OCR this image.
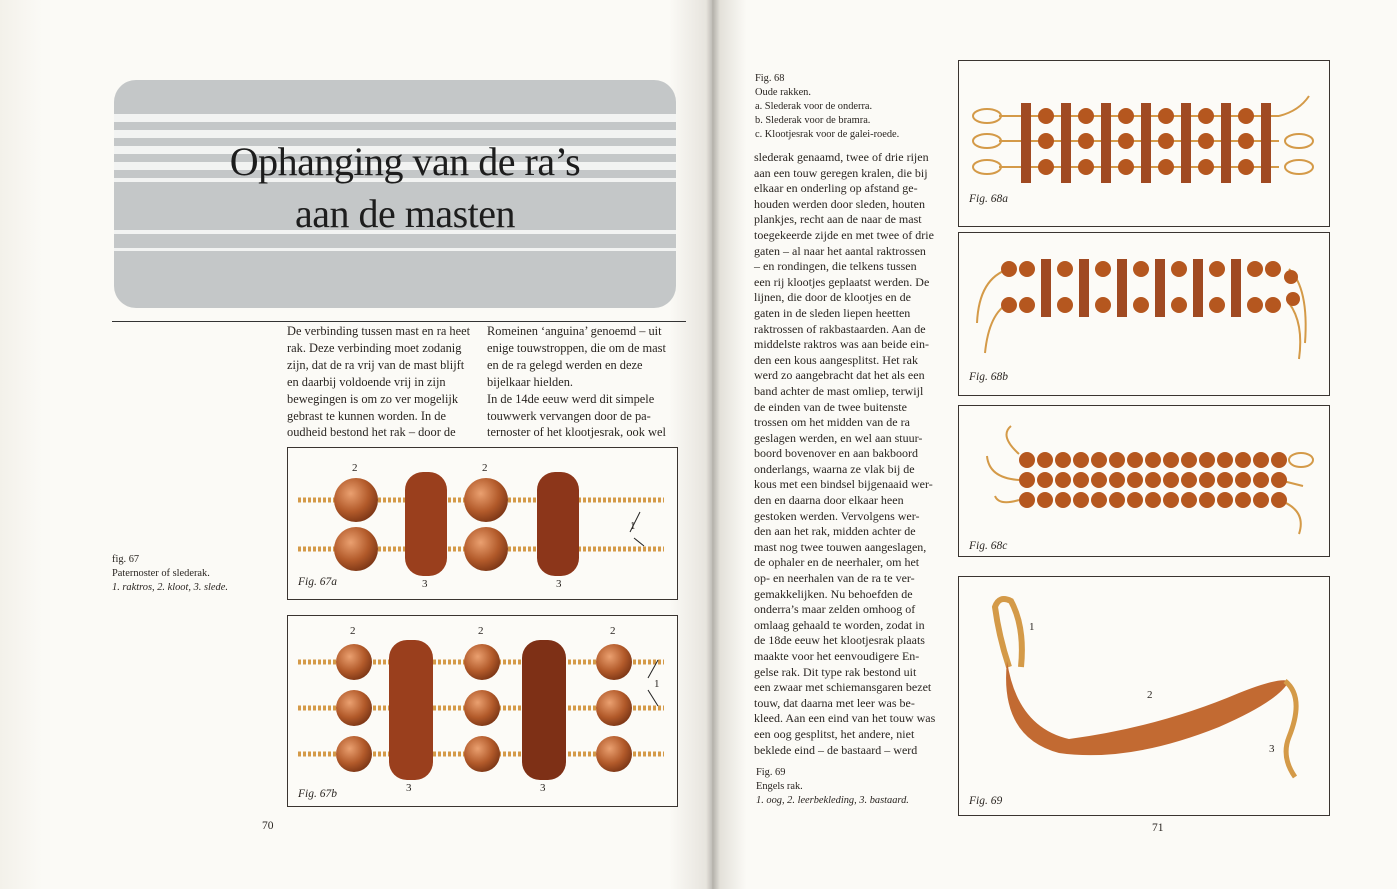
Ophanging van de ra’s
aan de masten

De verbinding tussen mast en ra heet

rak. Deze verbinding moet zodanig

zijn, dat de ra vrij van de mast blijft

en daarbij voldoende vrij in zijn

bewegingen is om zo ver mogelijk

gebrast te kunnen worden. In de

oudheid bestond het rak – door de

Romeinen ‘anguina’ genoemd – uit

enige touwstroppen, die om de mast

en de ra gelegd werden en deze

bijelkaar hielden.

In de 14de eeuw werd dit simpele

touwwerk vervangen door de pa-

ternoster of het klootjesrak, ook wel

fig. 67
Paternoster of slederak.
1. raktros, 2. kloot, 3. slede.
2	2
1
3	3
Fig. 67a
2	2	2
1
3	3
Fig. 67b
70
Fig. 68
Oude rakken.
a. Slederak voor de onderra.
b. Slederak voor de bramra.
c. Klootjesrak voor de galei-roede.

slederak genaamd, twee of drie rijen

aan een touw geregen kralen, die bij

elkaar en onderling op afstand ge-

houden werden door sleden, houten

plankjes, recht aan de naar de mast

toegekeerde zijde en met twee of drie

gaten – al naar het aantal raktrossen

– en rondingen, die telkens tussen

een rij klootjes geplaatst werden. De

lijnen, die door de klootjes en de

gaten in de sleden liepen heetten

raktrossen of rakbastaarden. Aan de

middelste raktros was aan beide ein-

den een kous aangesplitst. Het rak

werd zo aangebracht dat het als een

band achter de mast omliep, terwijl

de einden van de twee buitenste

trossen om het midden van de ra

geslagen werden, en wel aan stuur-

boord bovenover en aan bakboord

onderlangs, waarna ze vlak bij de

kous met een bindsel bijgenaaid wer-

den en daarna door elkaar heen

gestoken werden. Vervolgens wer-

den aan het rak, midden achter de

mast nog twee touwen aangeslagen,

de ophaler en de neerhaler, om het

op- en neerhalen van de ra te ver-

gemakkelijken. Nu behoefden de

onderra’s maar zelden omhoog of

omlaag gehaald te worden, zodat in

de 18de eeuw het klootjesrak plaats

maakte voor het eenvoudigere En-

gelse rak. Dit type rak bestond uit

een zwaar met schiemansgaren bezet

touw, dat daarna met leer was be-

kleed. Aan een eind van het touw was

een oog gesplitst, het andere, niet

beklede eind – de bastaard – werd

Fig. 69
Engels rak.
1. oog, 2. leerbekleding, 3. bastaard.
Fig. 68a
Fig. 68b
Fig. 68c
1
2
3
Fig. 69
71
